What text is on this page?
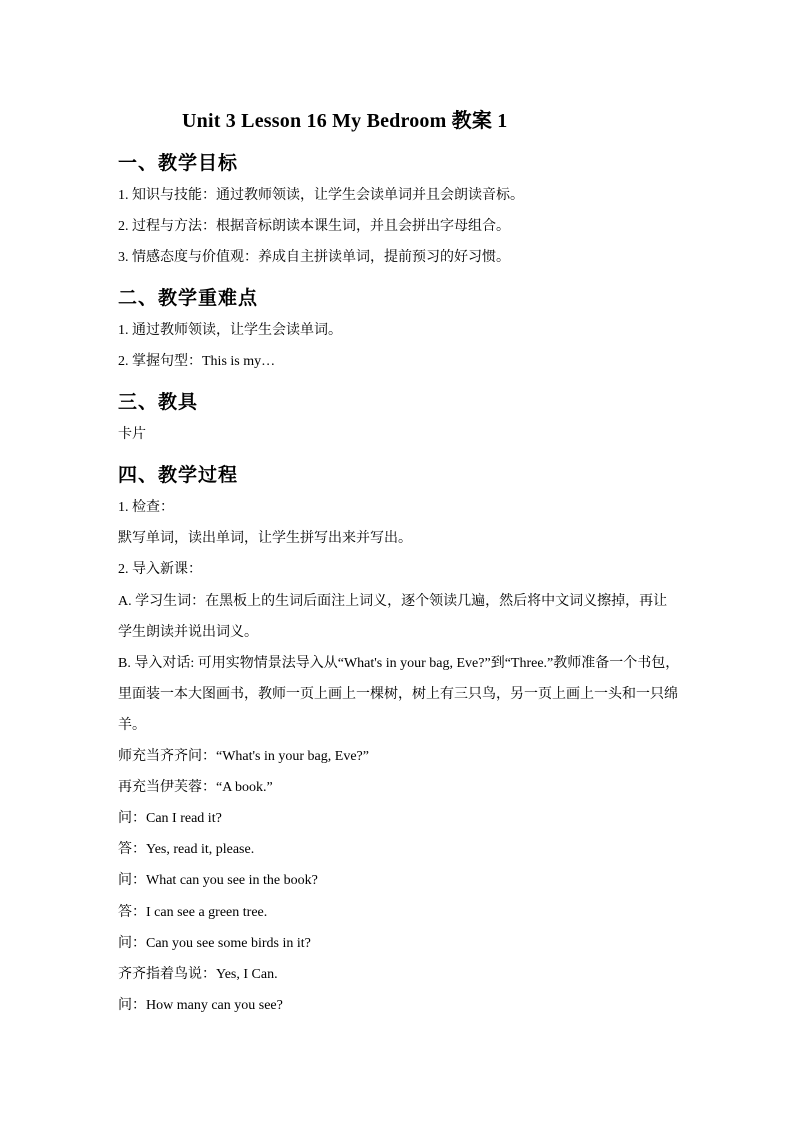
Unit 3 Lesson 16 My Bedroom 教案 1
一、教学目标
1. 知识与技能：通过教师领读，让学生会读单词并且会朗读音标。
2. 过程与方法：根据音标朗读本课生词，并且会拼出字母组合。
3. 情感态度与价值观：养成自主拼读单词，提前预习的好习惯。
二、教学重难点
1. 通过教师领读，让学生会读单词。
2. 掌握句型：This is my…
三、教具
卡片
四、教学过程
1. 检查：
默写单词，读出单词，让学生拼写出来并写出。
2. 导入新课：
A. 学习生词：在黑板上的生词后面注上词义，逐个领读几遍，然后将中文词义擦掉，再让
学生朗读并说出词义。
B. 导入对话: 可用实物情景法导入从“What's in your bag, Eve?”到“Three.”教师准备一个书包，
里面装一本大图画书，教师一页上画上一棵树，树上有三只鸟，另一页上画上一头和一只绵
羊。
师充当齐齐问：“What's in your bag, Eve?”
再充当伊芙蓉：“A book.”
问：Can I read it?
答：Yes, read it, please.
问：What can you see in the book?
答：I can see a green tree.
问：Can you see some birds in it?
齐齐指着鸟说：Yes, I Can.
问：How many can you see?
